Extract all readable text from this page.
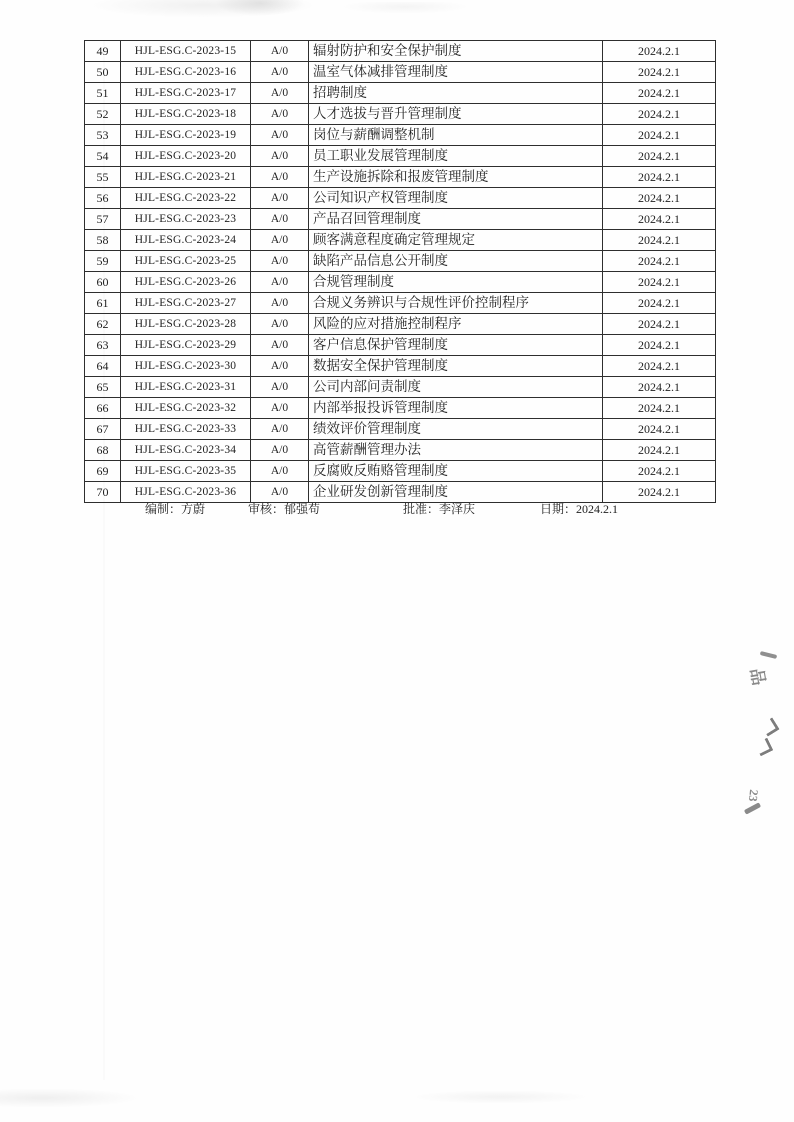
49	HJL-ESG.C-2023-15	A/0	辐射防护和安全保护制度	2024.2.1
50	HJL-ESG.C-2023-16	A/0	温室气体减排管理制度	2024.2.1
51	HJL-ESG.C-2023-17	A/0	招聘制度	2024.2.1
52	HJL-ESG.C-2023-18	A/0	人才选拔与晋升管理制度	2024.2.1
53	HJL-ESG.C-2023-19	A/0	岗位与薪酬调整机制	2024.2.1
54	HJL-ESG.C-2023-20	A/0	员工职业发展管理制度	2024.2.1
55	HJL-ESG.C-2023-21	A/0	生产设施拆除和报废管理制度	2024.2.1
56	HJL-ESG.C-2023-22	A/0	公司知识产权管理制度	2024.2.1
57	HJL-ESG.C-2023-23	A/0	产品召回管理制度	2024.2.1
58	HJL-ESG.C-2023-24	A/0	顾客满意程度确定管理规定	2024.2.1
59	HJL-ESG.C-2023-25	A/0	缺陷产品信息公开制度	2024.2.1
60	HJL-ESG.C-2023-26	A/0	合规管理制度	2024.2.1
61	HJL-ESG.C-2023-27	A/0	合规义务辨识与合规性评价控制程序	2024.2.1
62	HJL-ESG.C-2023-28	A/0	风险的应对措施控制程序	2024.2.1
63	HJL-ESG.C-2023-29	A/0	客户信息保护管理制度	2024.2.1
64	HJL-ESG.C-2023-30	A/0	数据安全保护管理制度	2024.2.1
65	HJL-ESG.C-2023-31	A/0	公司内部问责制度	2024.2.1
66	HJL-ESG.C-2023-32	A/0	内部举报投诉管理制度	2024.2.1
67	HJL-ESG.C-2023-33	A/0	绩效评价管理制度	2024.2.1
68	HJL-ESG.C-2023-34	A/0	高管薪酬管理办法	2024.2.1
69	HJL-ESG.C-2023-35	A/0	反腐败反贿赂管理制度	2024.2.1
70	HJL-ESG.C-2023-36	A/0	企业研发创新管理制度	2024.2.1
编制：方蔚	审核：郁强苟	批准：李泽庆	日期：2024.2.1
品
23
